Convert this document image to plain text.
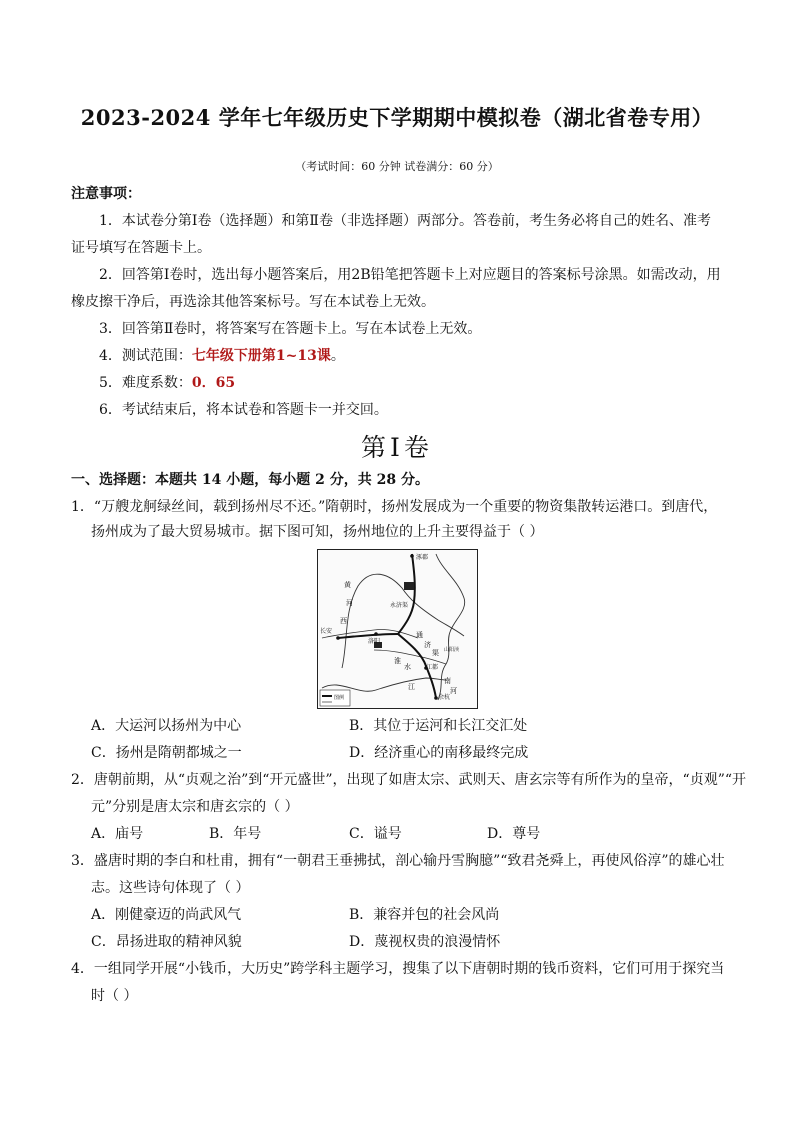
2023-2024 学年七年级历史下学期期中模拟卷（湖北省卷专用）
（考试时间：60 分钟 试卷满分：60 分）
注意事项：
1．本试卷分第Ⅰ卷（选择题）和第Ⅱ卷（非选择题）两部分。答卷前，考生务必将自己的姓名、准考
证号填写在答题卡上。
2．回答第Ⅰ卷时，选出每小题答案后，用2B铅笔把答题卡上对应题目的答案标号涂黑。如需改动，用
橡皮擦干净后，再选涂其他答案标号。写在本试卷上无效。
3．回答第Ⅱ卷时，将答案写在答题卡上。写在本试卷上无效。
4．测试范围：七年级下册第1~13课。
5．难度系数：0．65
6．考试结束后，将本试卷和答题卡一并交回。
第Ⅰ卷
一、选择题：本题共 14 小题，每小题 2 分，共 28 分。
1．“万艘龙舸绿丝间，载到扬州尽不还。”隋朝时，扬州发展成为一个重要的物资集散转运港口。到唐代，
扬州成为了最大贸易城市。据下图可知，扬州地位的上升主要得益于（ ）
涿郡
黄
河
西
长安
洛阳
永济渠
通
济
渠
淮
水	江都
山阳渎
江
南
河
余杭
图例
A．大运河以扬州为中心	B．其位于运河和长江交汇处
C．扬州是隋朝都城之一	D．经济重心的南移最终完成
2．唐朝前期，从“贞观之治”到“开元盛世”，出现了如唐太宗、武则天、唐玄宗等有所作为的皇帝，“贞观”“开
元”分别是唐太宗和唐玄宗的（ ）
A．庙号	B．年号	C．谥号	D．尊号
3．盛唐时期的李白和杜甫，拥有“一朝君王垂拂拭，剖心输丹雪胸臆”“致君尧舜上，再使风俗淳”的雄心壮
志。这些诗句体现了（ ）
A．刚健豪迈的尚武风气	B．兼容并包的社会风尚
C．昂扬进取的精神风貌	D．蔑视权贵的浪漫情怀
4．一组同学开展“小钱币，大历史”跨学科主题学习，搜集了以下唐朝时期的钱币资料，它们可用于探究当
时（ ）
